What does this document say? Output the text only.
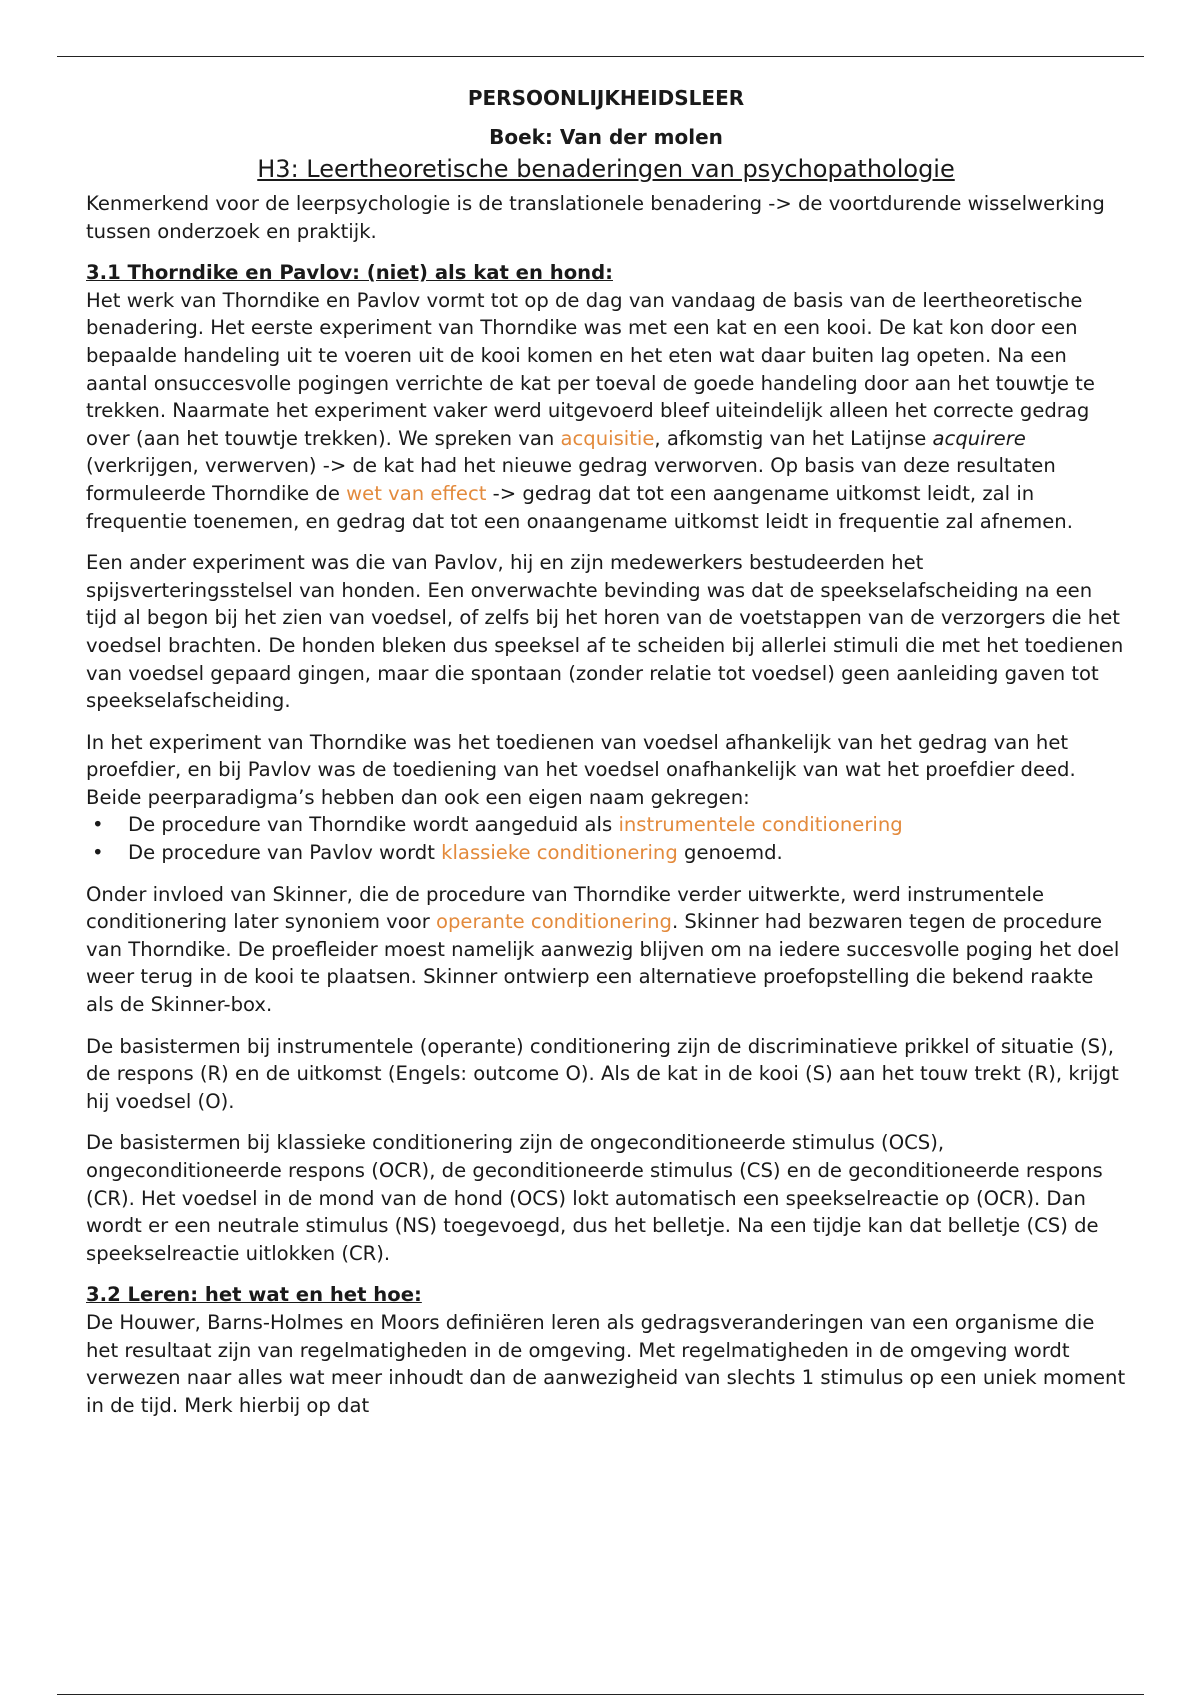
PERSOONLIJKHEIDSLEER
Boek: Van der molen
H3: Leertheoretische benaderingen van psychopathologie

Kenmerkend voor de leerpsychologie is de translationele benadering -> de voortdurende wisselwerking tussen onderzoek en praktijk.

3.1 Thorndike en Pavlov: (niet) als kat en hond:

Het werk van Thorndike en Pavlov vormt tot op de dag van vandaag de basis van de leertheoretische benadering. Het eerste experiment van Thorndike was met een kat en een kooi. De kat kon door een bepaalde handeling uit te voeren uit de kooi komen en het eten wat daar buiten lag opeten. Na een aantal onsuccesvolle pogingen verrichte de kat per toeval de goede handeling door aan het touwtje te trekken. Naarmate het experiment vaker werd uitgevoerd bleef uiteindelijk alleen het correcte gedrag over (aan het touwtje trekken). We spreken van acquisitie, afkomstig van het Latijnse acquirere (verkrijgen, verwerven) -> de kat had het nieuwe gedrag verworven. Op basis van deze resultaten formuleerde Thorndike de wet van effect -> gedrag dat tot een aangename uitkomst leidt, zal in frequentie toenemen, en gedrag dat tot een onaangename uitkomst leidt in frequentie zal afnemen.

Een ander experiment was die van Pavlov, hij en zijn medewerkers bestudeerden het spijsverteringsstelsel van honden. Een onverwachte bevinding was dat de speekselafscheiding na een tijd al begon bij het zien van voedsel, of zelfs bij het horen van de voetstappen van de verzorgers die het voedsel brachten. De honden bleken dus speeksel af te scheiden bij allerlei stimuli die met het toedienen van voedsel gepaard gingen, maar die spontaan (zonder relatie tot voedsel) geen aanleiding gaven tot speekselafscheiding.

In het experiment van Thorndike was het toedienen van voedsel afhankelijk van het gedrag van het proefdier, en bij Pavlov was de toediening van het voedsel onafhankelijk van wat het proefdier deed. Beide peerparadigma’s hebben dan ook een eigen naam gekregen:

• De procedure van Thorndike wordt aangeduid als instrumentele conditionering
• De procedure van Pavlov wordt klassieke conditionering genoemd.

Onder invloed van Skinner, die de procedure van Thorndike verder uitwerkte, werd instrumentele conditionering later synoniem voor operante conditionering. Skinner had bezwaren tegen de procedure van Thorndike. De proefleider moest namelijk aanwezig blijven om na iedere succesvolle poging het doel weer terug in de kooi te plaatsen. Skinner ontwierp een alternatieve proefopstelling die bekend raakte als de Skinner-box.

De basistermen bij instrumentele (operante) conditionering zijn de discriminatieve prikkel of situatie (S), de respons (R) en de uitkomst (Engels: outcome O). Als de kat in de kooi (S) aan het touw trekt (R), krijgt hij voedsel (O).

De basistermen bij klassieke conditionering zijn de ongeconditioneerde stimulus (OCS), ongeconditioneerde respons (OCR), de geconditioneerde stimulus (CS) en de geconditioneerde respons (CR). Het voedsel in de mond van de hond (OCS) lokt automatisch een speekselreactie op (OCR). Dan wordt er een neutrale stimulus (NS) toegevoegd, dus het belletje. Na een tijdje kan dat belletje (CS) de speekselreactie uitlokken (CR).

3.2 Leren: het wat en het hoe:

De Houwer, Barns-Holmes en Moors definiëren leren als gedragsveranderingen van een organisme die het resultaat zijn van regelmatigheden in de omgeving. Met regelmatigheden in de omgeving wordt verwezen naar alles wat meer inhoudt dan de aanwezigheid van slechts 1 stimulus op een uniek moment in de tijd. Merk hierbij op dat
